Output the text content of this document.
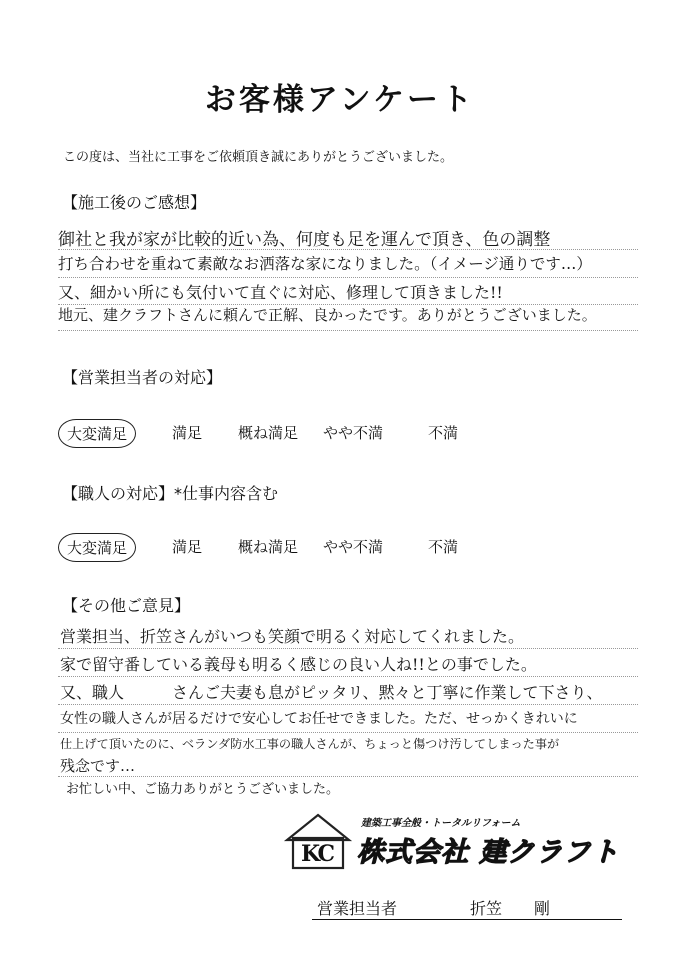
お客様アンケート
この度は、当社に工事をご依頼頂き誠にありがとうございました。
【施工後のご感想】
御社と我が家が比較的近い為、何度も足を運んで頂き、色の調整
打ち合わせを重ねて素敵なお洒落な家になりました。（イメージ通りです…）
又、細かい所にも気付いて直ぐに対応、修理して頂きました!!
地元、建クラフトさんに頼んで正解、良かったです。ありがとうございました。
【営業担当者の対応】
大変満足	満足 概ね満足 やや不満	不満
【職人の対応】*仕事内容含む
大変満足	満足 概ね満足 やや不満	不満
【その他ご意見】
営業担当、折笠さんがいつも笑顔で明るく対応してくれました。
家で留守番している義母も明るく感じの良い人ね!!との事でした。
又、職人　　　さんご夫妻も息がピッタリ、黙々と丁寧に作業して下さり、
女性の職人さんが居るだけで安心してお任せできました。ただ、せっかくきれいに
仕上げて頂いたのに、ベランダ防水工事の職人さんが、ちょっと傷つけ汚してしまった事が
残念です…
お忙しい中、ご協力ありがとうございました。
KC
建築工事全般・トータルリフォーム
株式会社 建クラフト
営業担当者	折笠　　剛
